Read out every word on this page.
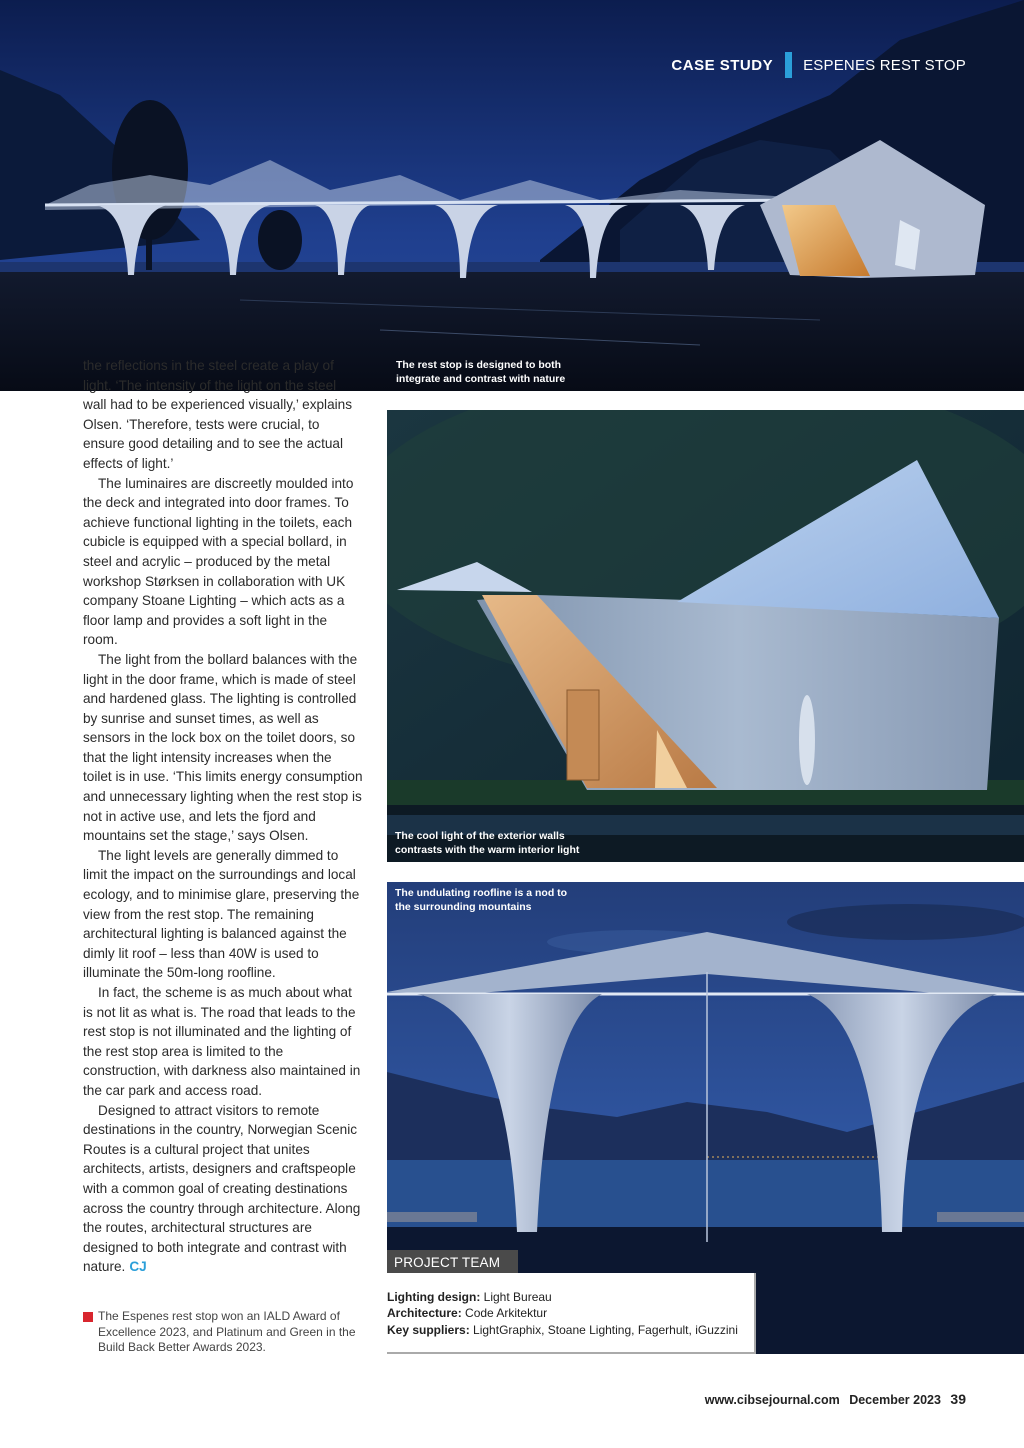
CASE STUDY ESPENES REST STOP
The rest stop is designed to both integrate and contrast with nature

the reflections in the steel create a play of light. ‘The intensity of the light on the steel wall had to be experienced visually,’ explains Olsen. ‘Therefore, tests were crucial, to ensure good detailing and to see the actual effects of light.’

The luminaires are discreetly moulded into the deck and integrated into door frames. To achieve functional lighting in the toilets, each cubicle is equipped with a special bollard, in steel and acrylic – produced by the metal workshop Størksen in collaboration with UK company Stoane Lighting – which acts as a floor lamp and provides a soft light in the room.

The light from the bollard balances with the light in the door frame, which is made of steel and hardened glass. The lighting is controlled by sunrise and sunset times, as well as sensors in the lock box on the toilet doors, so that the light intensity increases when the toilet is in use. ‘This limits energy consumption and unnecessary lighting when the rest stop is not in active use, and lets the fjord and mountains set the stage,’ says Olsen.

The light levels are generally dimmed to limit the impact on the surroundings and local ecology, and to minimise glare, preserving the view from the rest stop. The remaining architectural lighting is balanced against the dimly lit roof – less than 40W is used to illuminate the 50m-long roofline.

In fact, the scheme is as much about what is not lit as what is. The road that leads to the rest stop is not illuminated and the lighting of the rest stop area is limited to the construction, with darkness also maintained in the car park and access road.

Designed to attract visitors to remote destinations in the country, Norwegian Scenic Routes is a cultural project that unites architects, artists, designers and craftspeople with a common goal of creating destinations across the country through architecture. Along the routes, architectural structures are designed to both integrate and contrast with nature. CJ

The Espenes rest stop won an IALD Award of Excellence 2023, and Platinum and Green in the Build Back Better Awards 2023.
The cool light of the exterior walls contrasts with the warm interior light
The undulating roofline is a nod to the surrounding mountains
PROJECT TEAM
Lighting design: Light Bureau
Architecture: Code Arkitektur
Key suppliers: LightGraphix, Stoane Lighting, Fagerhult, iGuzzini
www.cibsejournal.com December 2023 39
